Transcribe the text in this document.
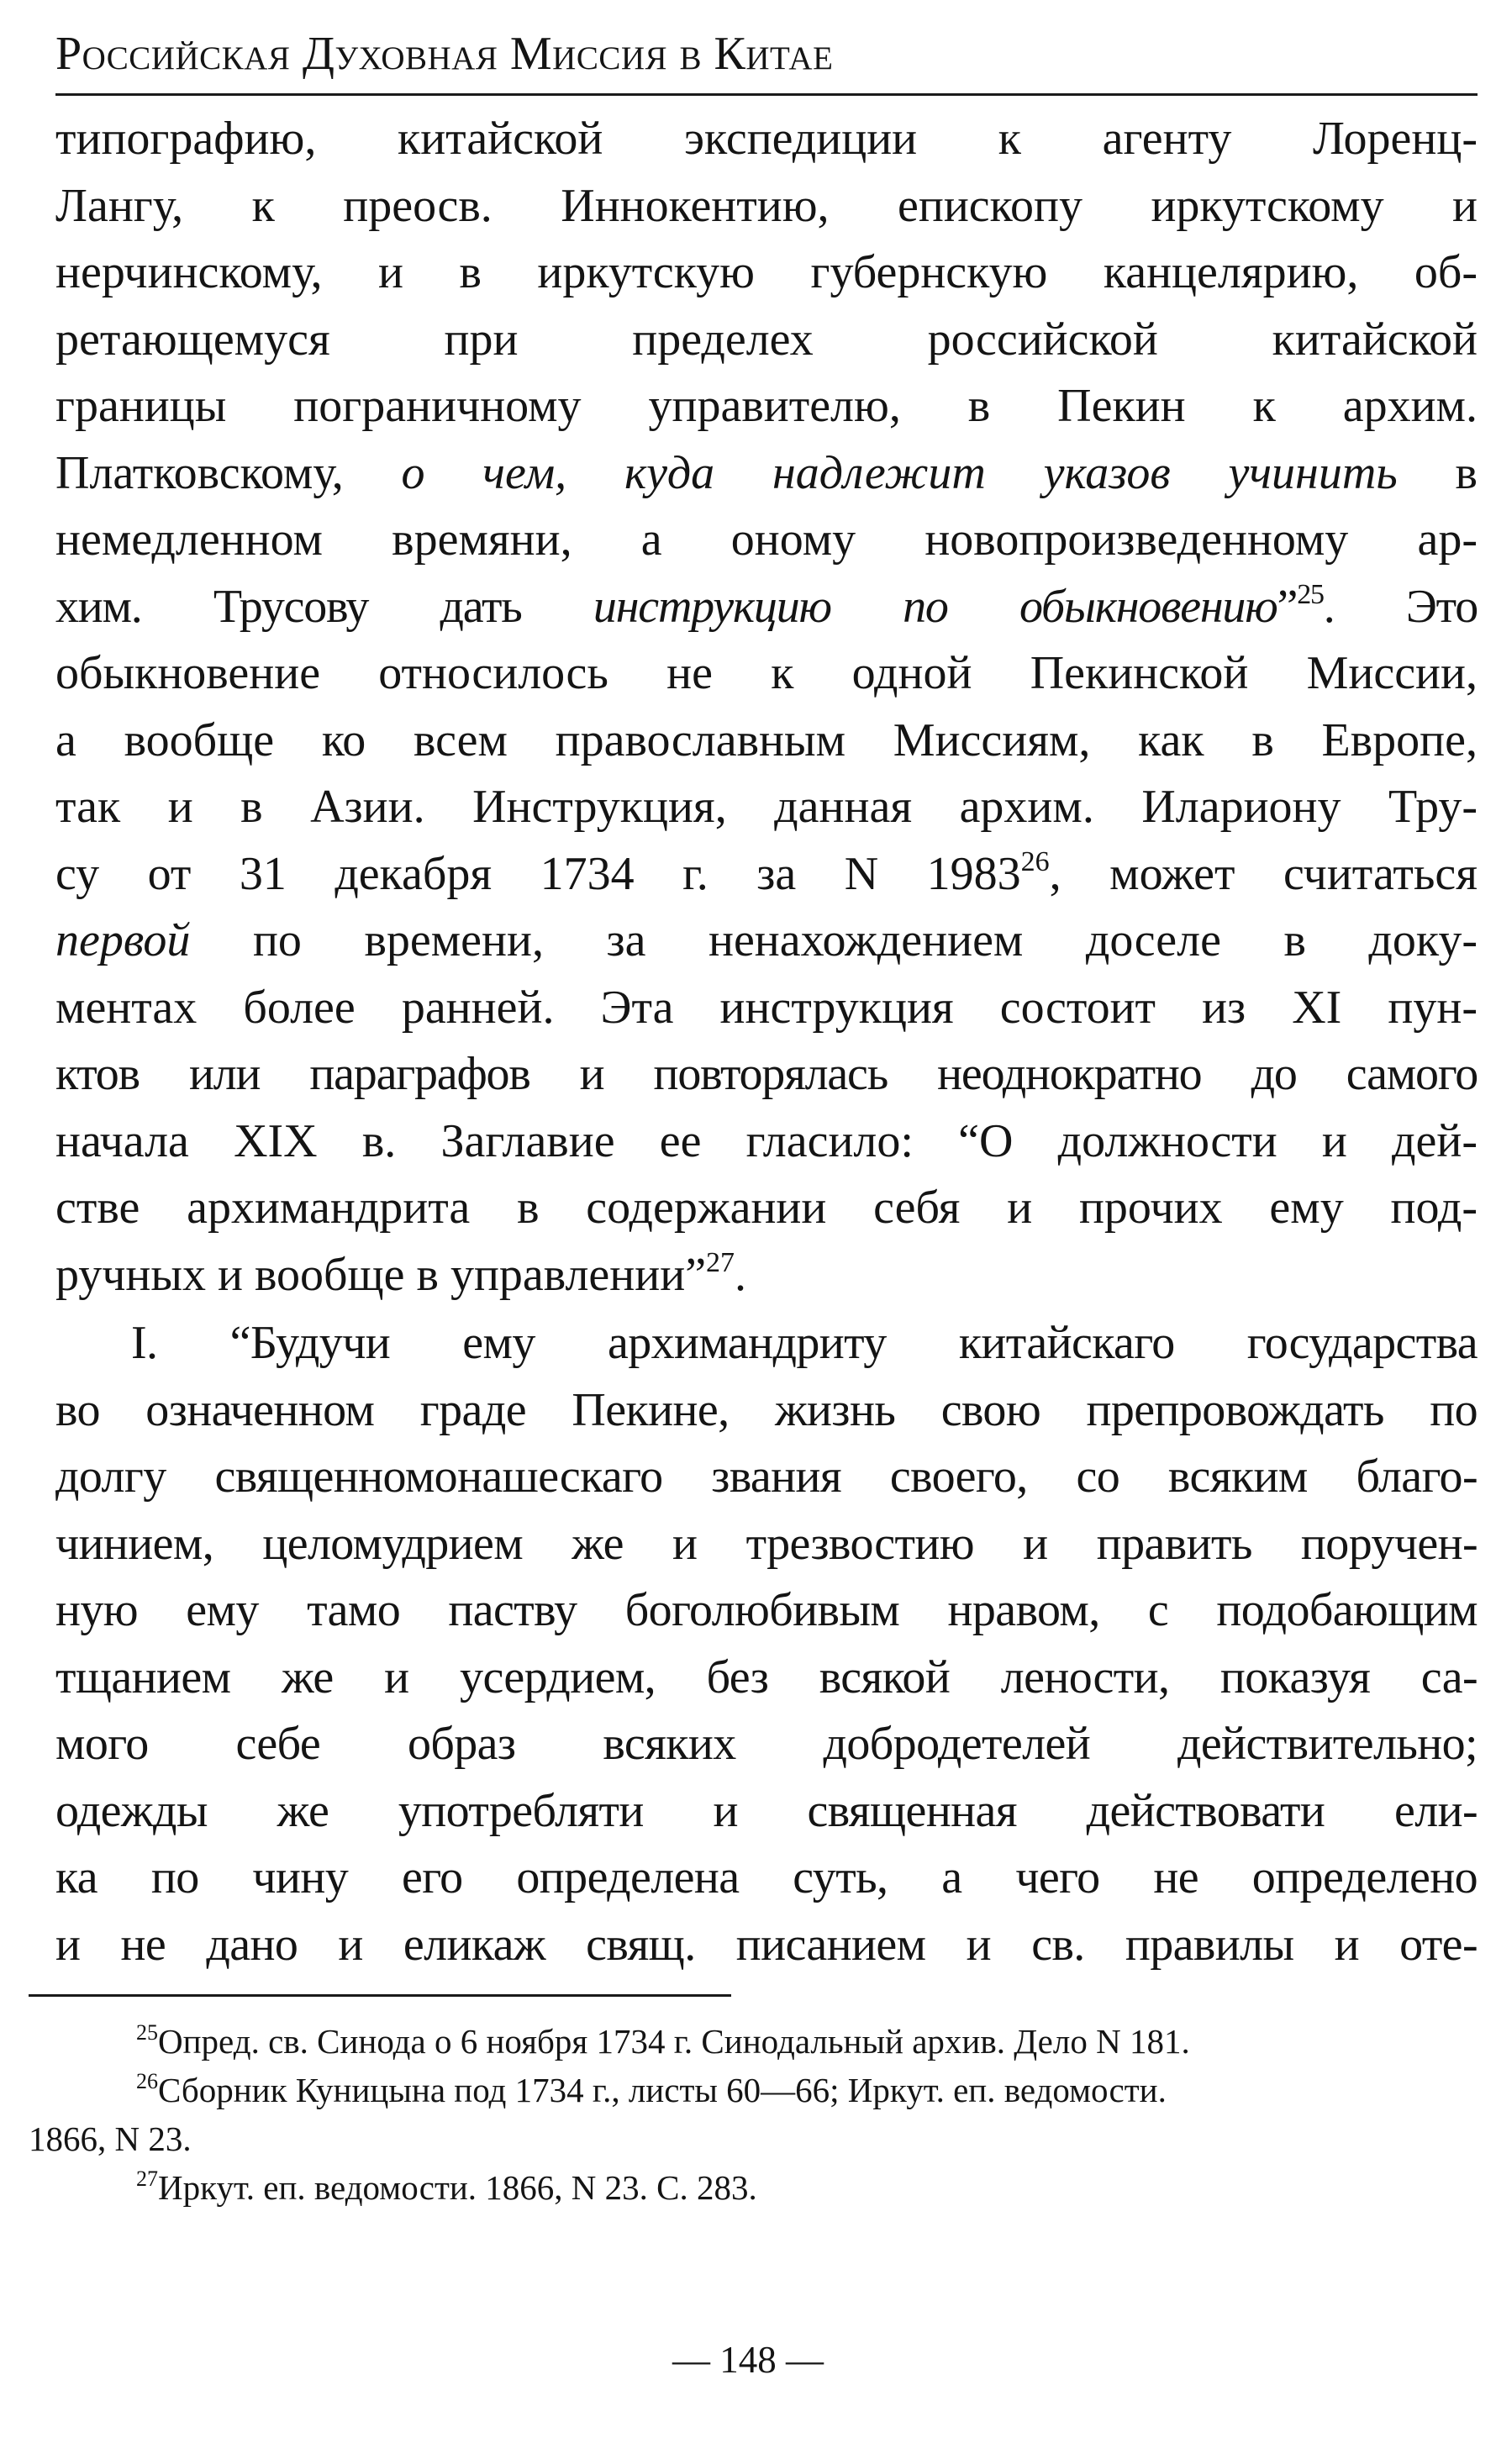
Российская Духовная Миссия в Китае
типографию, китайской экспедиции к агенту Лоренц-
Лангу, к преосв. Иннокентию, епископу иркутскому и
нерчинскому, и в иркутскую губернскую канцелярию, об-
ретающемуся при пределех российской китайской
границы пограничному управителю, в Пекин к архим.
Платковскому, о чем, куда надлежит указов учинить в
немедленном времяни, а оному новопроизведенному ар-
хим. Трусову дать инструкцию по обыкновению”$^{25}$. Это
обыкновение относилось не к одной Пекинской Миссии,
а вообще ко всем православным Миссиям, как в Европе,
так и в Азии. Инструкция, данная архим. Илариону Тру-
су от 31 декабря 1734 г. за N 1983$^{26}$, может считаться
первой по времени, за ненахождением доселе в доку-
ментах более ранней. Эта инструкция состоит из XI пун-
ктов или параграфов и повторялась неоднократно до самого
начала XIX в. Заглавие ее гласило: “О должности и дей-
стве архимандрита в содержании себя и прочих ему под-
ручных и вообще в управлении”$^{27}$.
I. “Будучи ему архимандриту китайскаго государства
во означенном граде Пекине, жизнь свою препровождать по
долгу священномонашескаго звания своего, со всяким благо-
чинием, целомудрием же и трезвостию и править поручен-
ную ему тамо паству боголюбивым нравом, с подобающим
тщанием же и усердием, без всякой лености, показуя са-
мого себе образ всяких добродетелей действительно;
одежды же употребляти и священная действовати ели-
ка по чину его определена суть, а чего не определено
и не дано и еликаж свящ. писанием и св. правилы и оте-
$^{25}$Опред. св. Синода о 6 ноября 1734 г. Синодальный архив. Дело N 181.
$^{26}$Сборник Куницына под 1734 г., листы 60—66; Иркут. еп. ведомости.
1866, N 23.
$^{27}$Иркут. еп. ведомости. 1866, N 23. С. 283.
— 148 —
